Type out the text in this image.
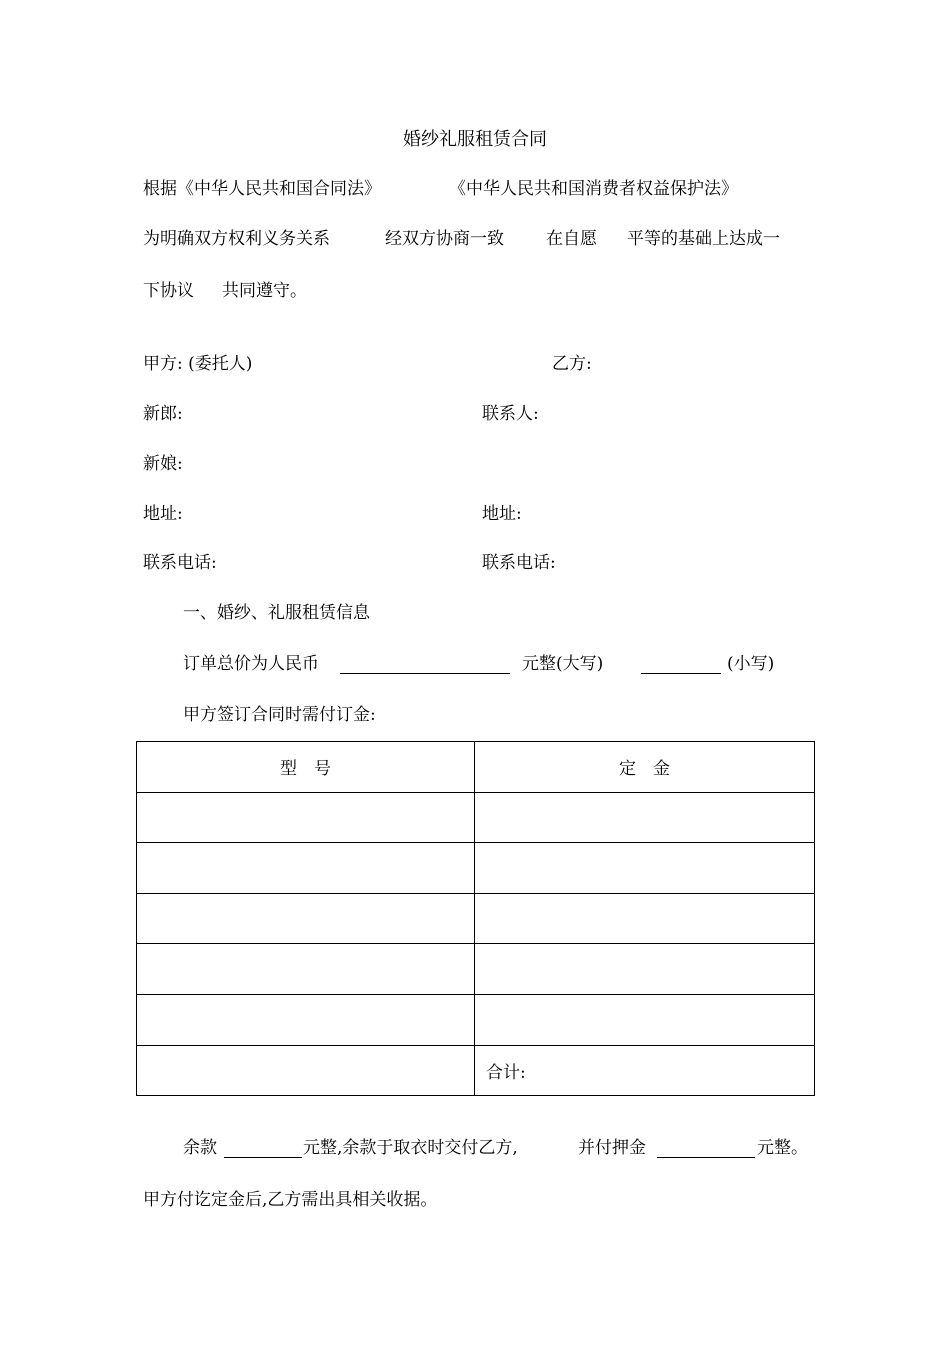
婚纱礼服租赁合同
根据《中华人民共和国合同法》	《中华人民共和国消费者权益保护法》
为明确双方权利义务关系	经双方协商一致 在自愿 平等的基础上达成一
下协议 共同遵守。
甲方: (委托人)	乙方:
新郎:	联系人:
新娘:
地址:	地址:
联系电话:	联系电话:
一、婚纱、礼服租赁信息
订单总价为人民币	元整(大写)	(小写)
甲方签订合同时需付订金:
型　号	定　金

	合计:
余款	元整,余款于取衣时交付乙方,	并付押金	元整。
甲方付讫定金后,乙方需出具相关收据。
